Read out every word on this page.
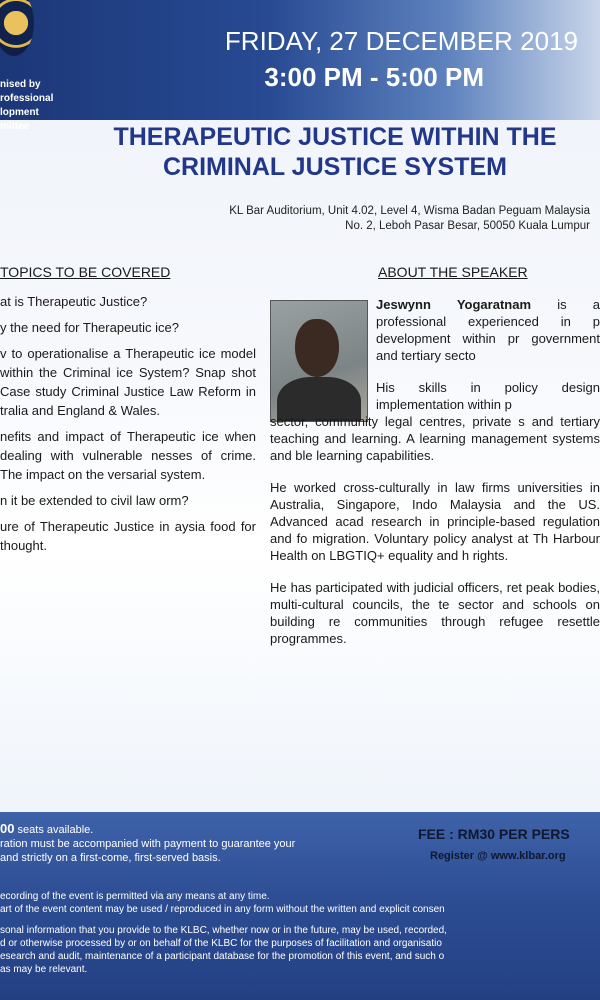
nised by
rofessional
lopment
mittee

FRIDAY, 27 DECEMBER 2019
3:00 PM - 5:00 PM
THERAPEUTIC JUSTICE WITHIN THE
CRIMINAL JUSTICE SYSTEM

KL Bar Auditorium, Unit 4.02, Level 4, Wisma Badan Peguam Malaysia
No. 2, Leboh Pasar Besar, 50050 Kuala Lumpur

TOPICS TO BE COVERED
at is Therapeutic Justice?
y the need for Therapeutic ice?
v to operationalise a Therapeutic ice model within the Criminal ice System? Snap shot Case study Criminal Justice Law Reform in tralia and England & Wales.
nefits and impact of Therapeutic ice when dealing with vulnerable nesses of crime. The impact on the versarial system.
n it be extended to civil law orm?
ure of Therapeutic Justice in aysia food for thought.
ABOUT THE SPEAKER

Jeswynn Yogaratnam is a professional experienced in p development within pr government and tertiary secto

His skills in policy design implementation within p

sector, community legal centres, private s and tertiary teaching and learning. A learning management systems and ble learning capabilities.

He worked cross-culturally in law firms universities in Australia, Singapore, Indo Malaysia and the US. Advanced acad research in principle-based regulation and fo migration. Voluntary policy analyst at Th Harbour Health on LBGTIQ+ equality and h rights.

He has participated with judicial officers, ret peak bodies, multi-cultural councils, the te sector and schools on building re communities through refugee resettle programmes.

00 seats available.
ration must be accompanied with payment to guarantee your
and strictly on a first-come, first-served basis.

FEE : RM30 PER PERS

Register @ www.klbar.org

ecording of the event is permitted via any means at any time.
art of the event content may be used / reproduced in any form without the written and explicit consen
sonal information that you provide to the KLBC, whether now or in the future, may be used, recorded,
d or otherwise processed by or on behalf of the KLBC for the purposes of facilitation and organisatio
esearch and audit, maintenance of a participant database for the promotion of this event, and such o
as may be relevant.
